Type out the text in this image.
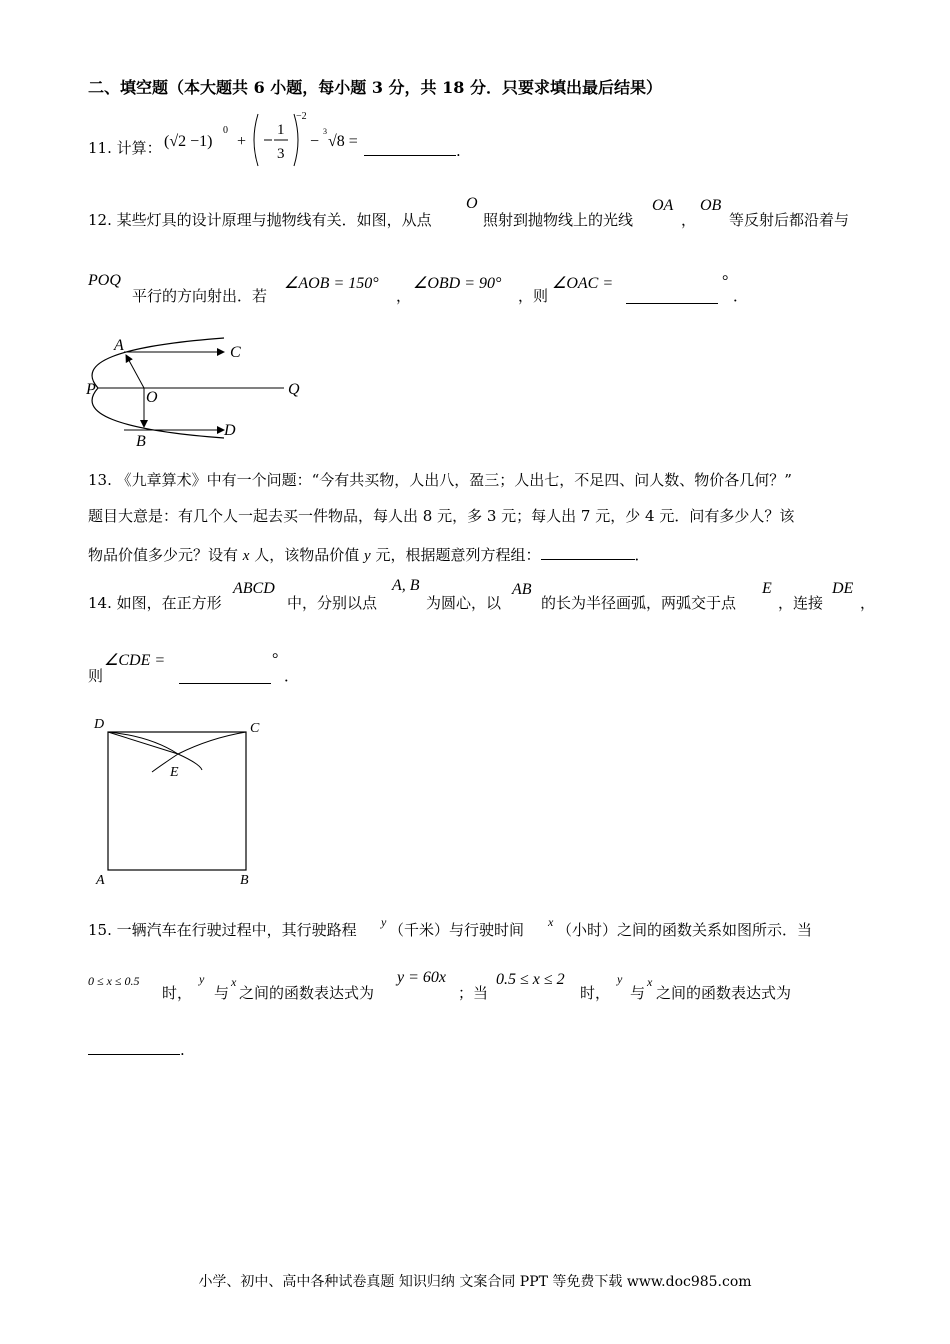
二、填空题（本大题共 6 小题，每小题 3 分，共 18 分．只要求填出最后结果）
11. 计算： (√2 −1)
0
+
1
3
−2
−
3
√8 =
.
12. 某些灯具的设计原理与抛物线有关．如图，从点
O
照射到抛物线上的光线
OA
，
OB
等反射后都沿着与
POQ
平行的方向射出．若
∠AOB = 150°
，
∠OBD = 90°
，则
∠OAC =	°
．
A	C
P	O	Q
B
D
13. 《九章算术》中有一个问题：“今有共买物，人出八，盈三；人出七，不足四、问人数、物价各几何？”
题目大意是：有几个人一起去买一件物品，每人出 8 元，多 3 元；每人出 7 元，少 4 元．问有多少人？该
物品价值多少元？设有 x 人，该物品价值 y 元，根据题意列方程组：	．
14. 如图，在正方形
ABCD
中，分别以点
A, B
为圆心，以
AB
的长为半径画弧，两弧交于点
E
，连接
DE
，
则
∠CDE =	°
．
D	C
E
A	B
15. 一辆汽车在行驶过程中，其行驶路程 y （千米）与行驶时间 x （小时）之间的函数关系如图所示．当
0 ≤ x ≤ 0.5
时，
y
与
x
之间的函数表达式为
y = 60x
；当
0.5 ≤ x ≤ 2
时，
y
与
x
之间的函数表达式为
.
小学、初中、高中各种试卷真题 知识归纳 文案合同 PPT 等免费下载 www.doc985.com
